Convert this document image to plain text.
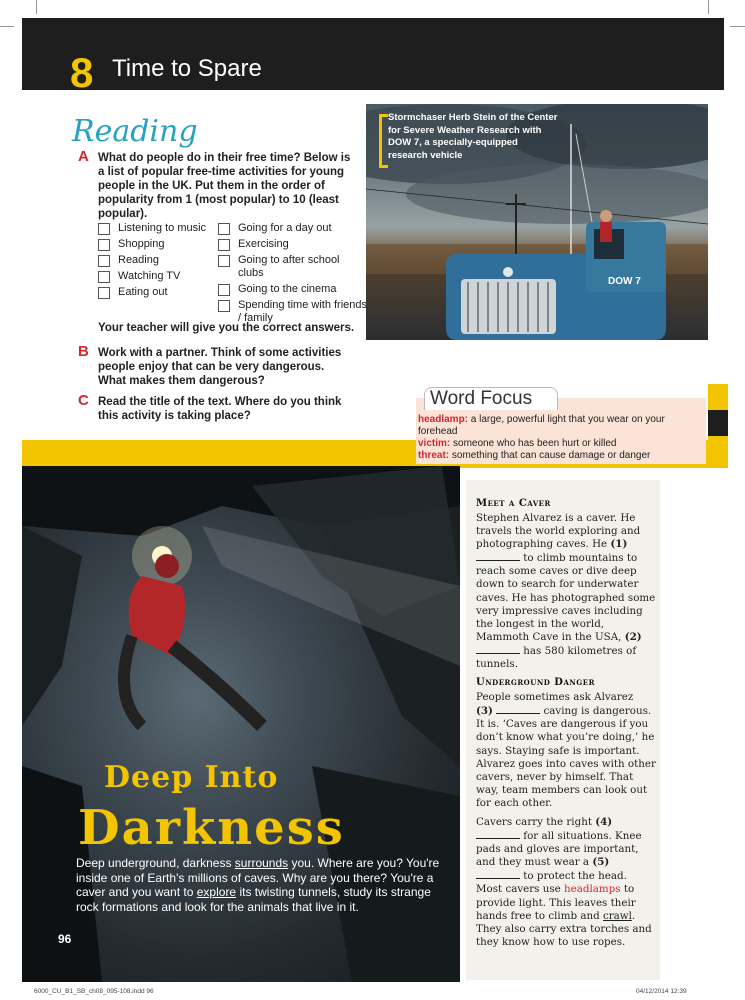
8 Time to Spare
DOW 7
Stormchaser Herb Stein of the Center for Severe Weather Research with DOW 7, a specially-equipped research vehicle
Reading
A What do people do in their free time? Below is a list of popular free-time activities for young people in the UK. Put them in the order of popularity from 1 (most popular) to 10 (least popular).
Listening to music
Shopping
Reading
Watching TV
Eating out
Going for a day out
Exercising
Going to after school clubs
Going to the cinema
Spending time with friends / family
Your teacher will give you the correct answers.
B Work with a partner. Think of some activities people enjoy that can be very dangerous. What makes them dangerous?
C Read the title of the text. Where do you think this activity is taking place?
Word Focus
headlamp: a large, powerful light that you wear on your forehead
victim: someone who has been hurt or killed
threat: something that can cause damage or danger
Deep Into
Darkness
Deep underground, darkness surrounds you. Where are you? You're inside one of Earth's millions of caves. Why are you there? You're a caver and you want to explore its twisting tunnels, study its strange rock formations and look for the animals that live in it.
96
Meet a Caver
Stephen Alvarez is a caver. He travels the world exploring and photographing caves. He (1)
to climb mountains to reach some caves or dive deep down to search for underwater caves. He has photographed some very impressive caves including the longest in the world, Mammoth Cave in the USA, (2)  has 580 kilometres of tunnels.
Underground Danger
People sometimes ask Alvarez
(3)	caving is dangerous. It is. ‘Caves are dangerous if you don’t know what you’re doing,’ he says. Staying safe is important. Alvarez goes into caves with other cavers, never by himself. That way, team members can look out for each other.
Cavers carry the right (4)  for all situations. Knee pads and gloves are important, and they must wear a (5)  to protect the head. Most cavers use headlamps to provide light. This leaves their hands free to climb and crawl. They also carry extra torches and they know how to use ropes.
6000_CU_B1_SB_ch08_095-108.indd 96	04/12/2014 12:39
